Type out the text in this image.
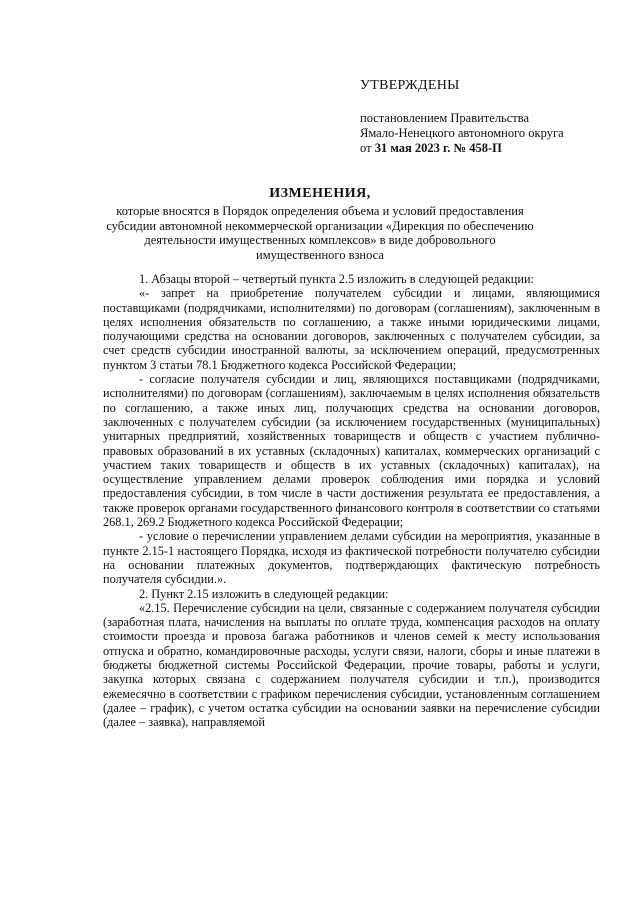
УТВЕРЖДЕНЫ
постановлением Правительства
Ямало-Ненецкого автономного округа
от 31 мая 2023 г. № 458-П
ИЗМЕНЕНИЯ,
которые вносятся в Порядок определения объема и условий предоставления субсидии автономной некоммерческой организации «Дирекция по обеспечению деятельности имущественных комплексов» в виде добровольного имущественного взноса

1. Абзацы второй – четвертый пункта 2.5 изложить в следующей редакции:

«- запрет на приобретение получателем субсидии и лицами, являющимися поставщиками (подрядчиками, исполнителями) по договорам (соглашениям), заключенным в целях исполнения обязательств по соглашению, а также иными юридическими лицами, получающими средства на основании договоров, заключенных с получателем субсидии, за счет средств субсидии иностранной валюты, за исключением операций, предусмотренных пунктом 3 статьи 78.1 Бюджетного кодекса Российской Федерации;

- согласие получателя субсидии и лиц, являющихся поставщиками (подрядчиками, исполнителями) по договорам (соглашениям), заключаемым в целях исполнения обязательств по соглашению, а также иных лиц, получающих средства на основании договоров, заключенных с получателем субсидии (за исключением государственных (муниципальных) унитарных предприятий, хозяйственных товариществ и обществ с участием публично-правовых образований в их уставных (складочных) капиталах, коммерческих организаций с участием таких товариществ и обществ в их уставных (складочных) капиталах), на осуществление управлением делами проверок соблюдения ими порядка и условий предоставления субсидии, в том числе в части достижения результата ее предоставления, а также проверок органами государственного финансового контроля в соответствии со статьями 268.1, 269.2 Бюджетного кодекса Российской Федерации;

- условие о перечислении управлением делами субсидии на мероприятия, указанные в пункте 2.15-1 настоящего Порядка, исходя из фактической потребности получателю субсидии на основании платежных документов, подтверждающих фактическую потребность получателя субсидии.».

2. Пункт 2.15 изложить в следующей редакции:

«2.15. Перечисление субсидии на цели, связанные с содержанием получателя субсидии (заработная плата, начисления на выплаты по оплате труда, компенсация расходов на оплату стоимости проезда и провоза багажа работников и членов семей к месту использования отпуска и обратно, командировочные расходы, услуги связи, налоги, сборы и иные платежи в бюджеты бюджетной системы Российской Федерации, прочие товары, работы и услуги, закупка которых связана с содержанием получателя субсидии и т.п.), производится ежемесячно в соответствии с графиком перечисления субсидии, установленным соглашением (далее – график), с учетом остатка субсидии на основании заявки на перечисление субсидии (далее – заявка), направляемой
